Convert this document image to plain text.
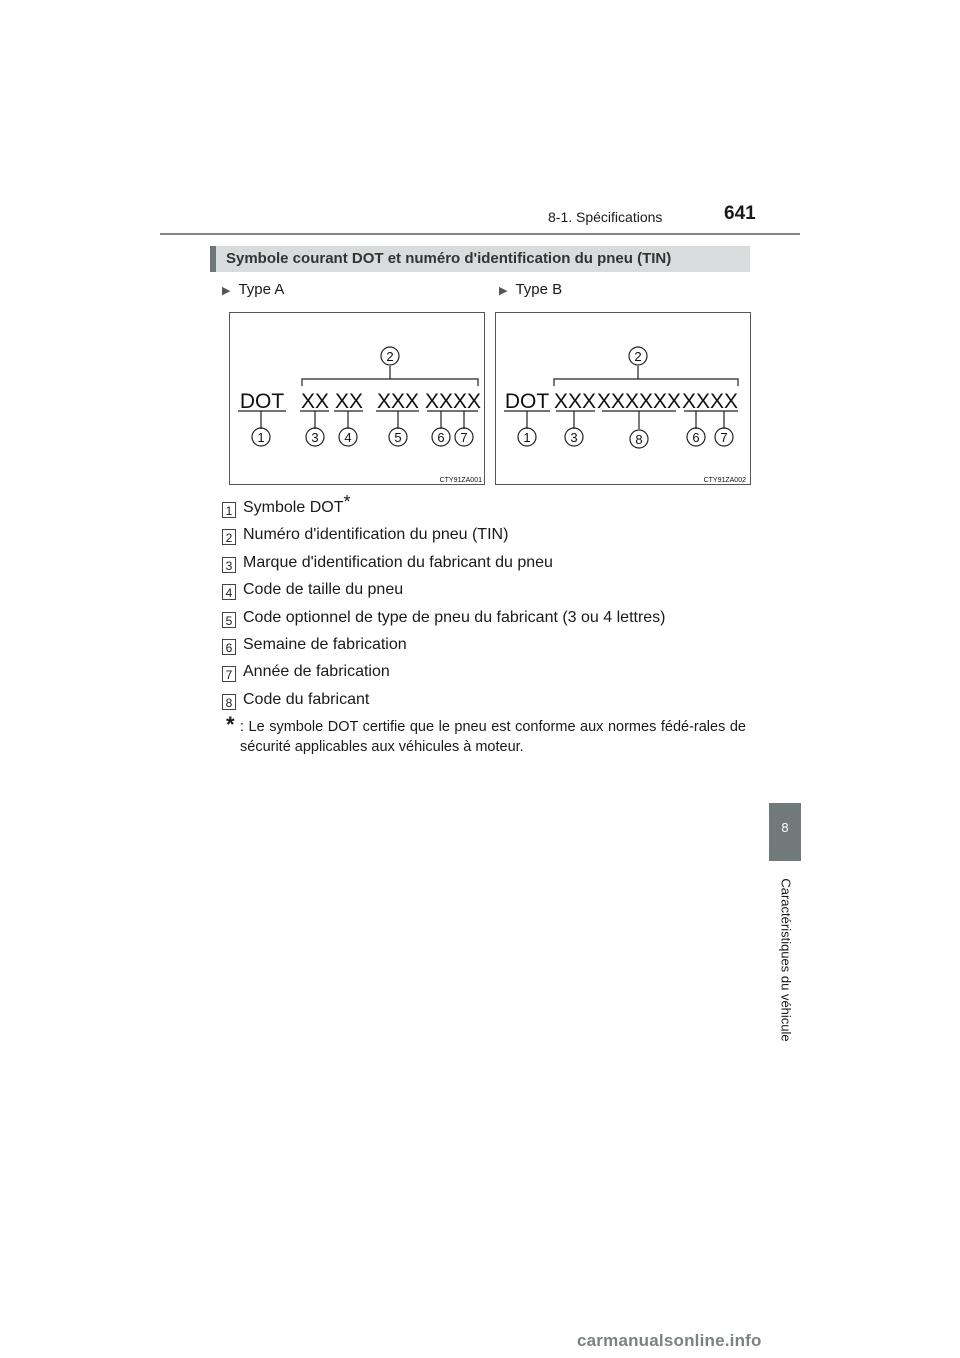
8-1. Spécifications	641
8
Caractéristiques du véhicule
Symbole courant DOT et numéro d'identification du pneu (TIN)
▶ Type A	▶ Type B
DOT XX XX XXX XXXX
2
1	3 4	5	6 7
CTY91ZA001
DOT XXX XXXXXX XXXX
2
1	3	8	6 7
CTY91ZA002
1 Symbole DOT*
2 Numéro d'identification du pneu (TIN)
3 Marque d'identification du fabricant du pneu
4 Code de taille du pneu
5 Code optionnel de type de pneu du fabricant (3 ou 4 lettres)
6 Semaine de fabrication
7 Année de fabrication
8 Code du fabricant
* : Le symbole DOT certifie que le pneu est conforme aux normes fédé-rales de sécurité applicables aux véhicules à moteur.
carmanualsonline.info
